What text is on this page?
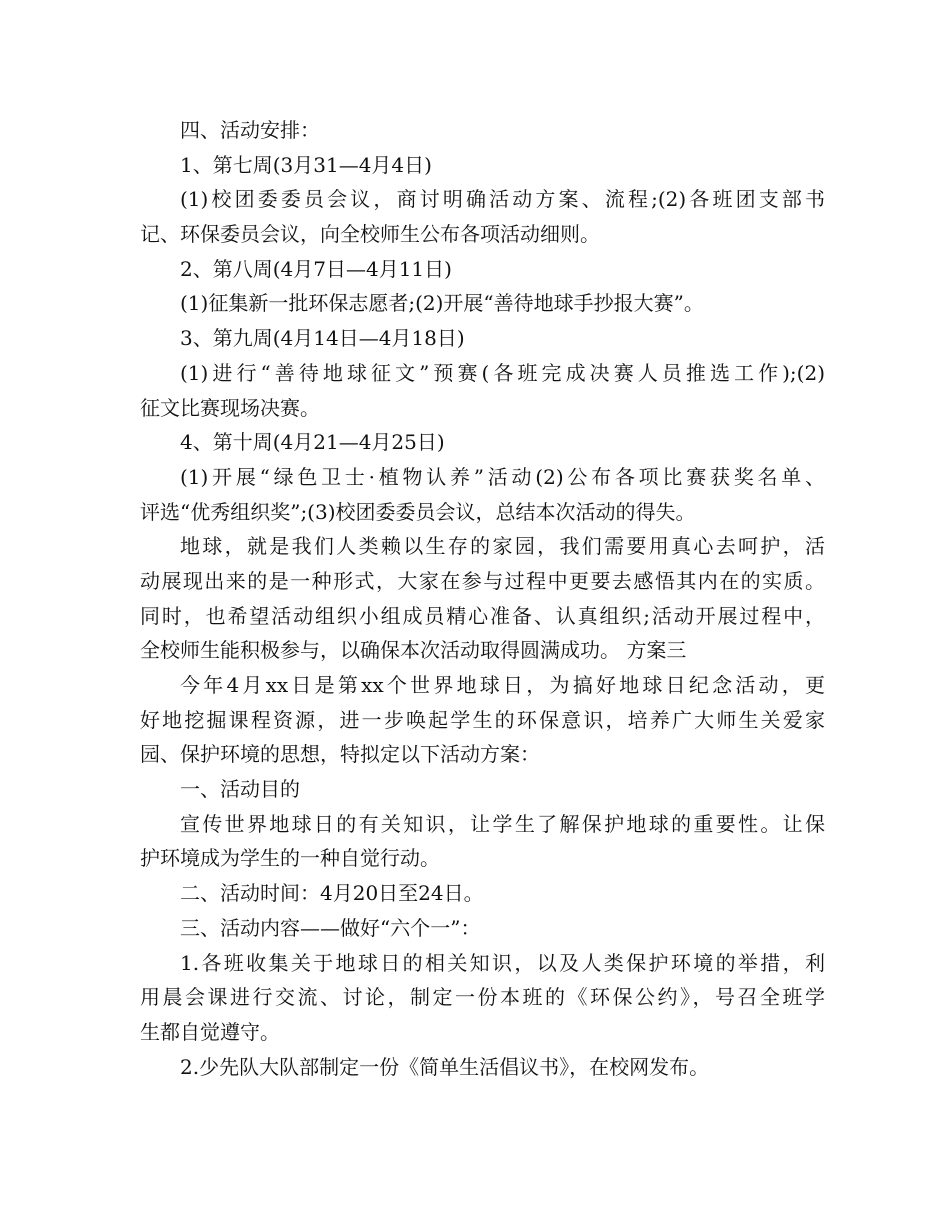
四、活动安排：
1、第七周(3月31—4月4日)
(1)校团委委员会议，商讨明确活动方案、流程;(2)各班团支部书
记、环保委员会议，向全校师生公布各项活动细则。
2、第八周(4月7日—4月11日)
(1)征集新一批环保志愿者;(2)开展“善待地球手抄报大赛”。
3、第九周(4月14日—4月18日)
(1)进行“善待地球征文”预赛(各班完成决赛人员推选工作);(2)
征文比赛现场决赛。
4、第十周(4月21—4月25日)
(1)开展“绿色卫士·植物认养”活动(2)公布各项比赛获奖名单、
评选“优秀组织奖”;(3)校团委委员会议，总结本次活动的得失。
地球，就是我们人类赖以生存的家园，我们需要用真心去呵护，活
动展现出来的是一种形式，大家在参与过程中更要去感悟其内在的实质。
同时，也希望活动组织小组成员精心准备、认真组织;活动开展过程中，
全校师生能积极参与，以确保本次活动取得圆满成功。 方案三
今年4月xx日是第xx个世界地球日，为搞好地球日纪念活动，更
好地挖掘课程资源，进一步唤起学生的环保意识，培养广大师生关爱家
园、保护环境的思想，特拟定以下活动方案：
一、活动目的
宣传世界地球日的有关知识，让学生了解保护地球的重要性。让保
护环境成为学生的一种自觉行动。
二、活动时间：4月20日至24日。
三、活动内容——做好“六个一”：
1.各班收集关于地球日的相关知识，以及人类保护环境的举措，利
用晨会课进行交流、讨论，制定一份本班的《环保公约》，号召全班学
生都自觉遵守。
2.少先队大队部制定一份《简单生活倡议书》，在校网发布。
